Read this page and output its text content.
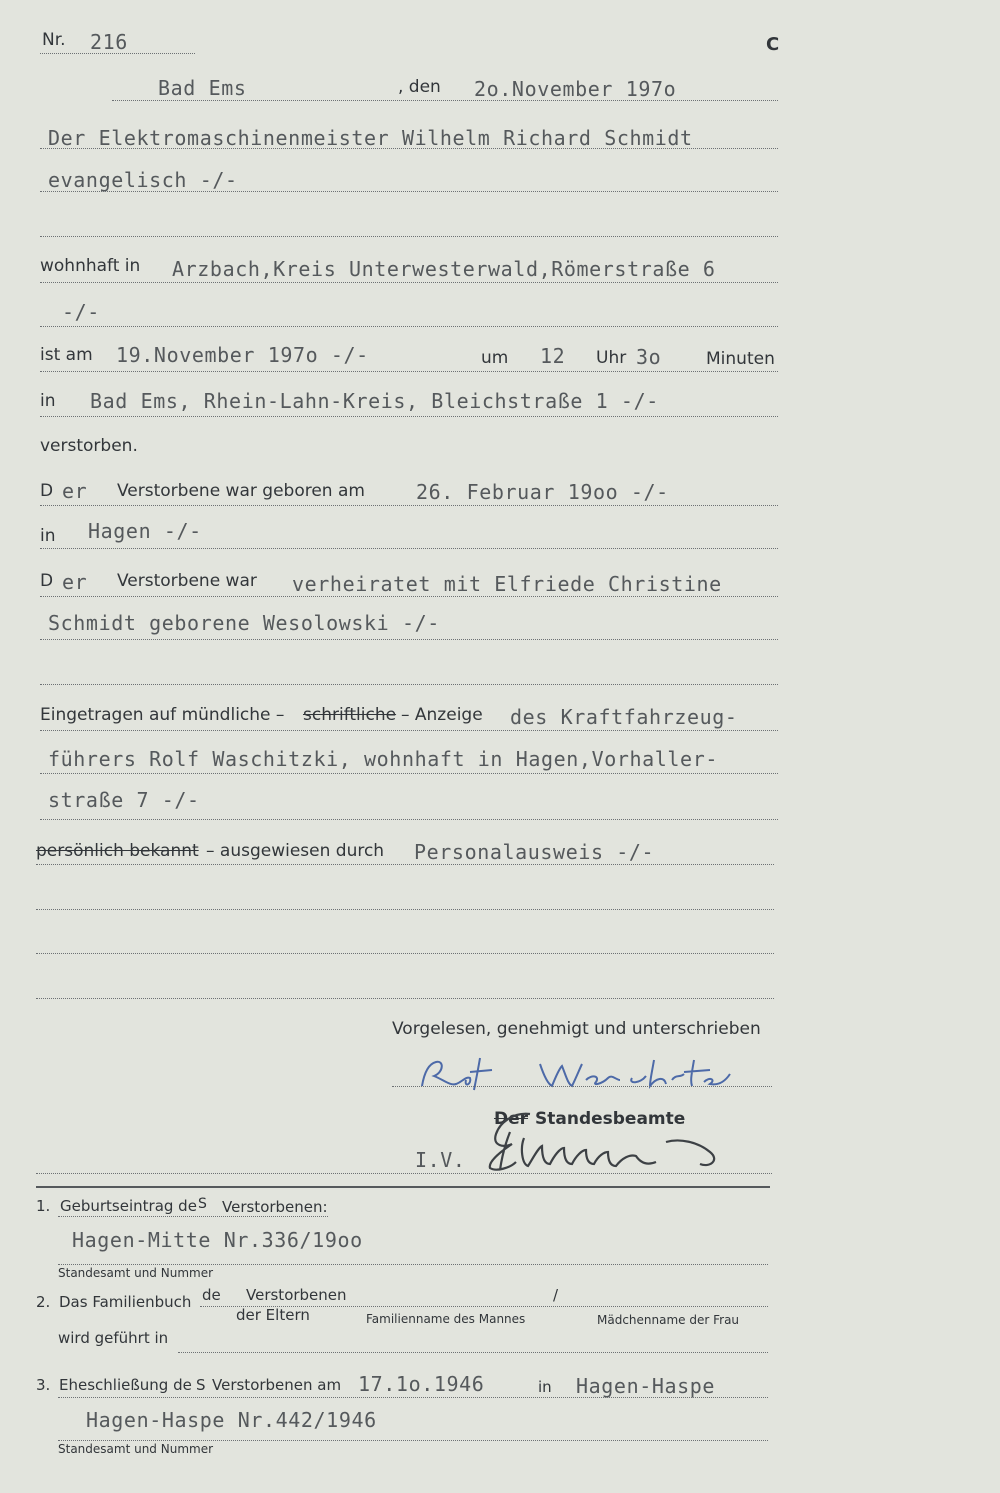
Nr. 216	C
Bad Ems	, den 2o.November 197o
Der Elektromaschinenmeister Wilhelm Richard Schmidt
evangelisch -/-
wohnhaft in Arzbach,Kreis Unterwesterwald,Römerstraße 6
-/-
ist am 19.November 197o -/-	um 12 Uhr 3o	Minuten
in Bad Ems, Rhein-Lahn-Kreis, Bleichstraße 1 -/-
verstorben.
D er Verstorbene war geboren am	26. Februar 19oo -/-
in Hagen -/-
D er Verstorbene war verheiratet mit Elfriede Christine
Schmidt geborene Wesolowski -/-
Eingetragen auf mündliche – schriftliche – Anzeige des Kraftfahrzeug-
führers Rolf Waschitzki, wohnhaft in Hagen,Vorhaller-
straße 7 -/-
persönlich bekannt – ausgewiesen durch Personalausweis -/-
Vorgelesen, genehmigt und unterschrieben
Der Standesbeamte
I.V.
1. Geburtseintrag de S Verstorbenen:
Hagen-Mitte Nr.336/19oo
Standesamt und Nummer
2. Das Familienbuch de Verstorbenen
der Eltern
/
Familienname des Mannes	Mädchenname der Frau
wird geführt in
3. Eheschließung de S Verstorbenen am 17.1o.1946	in Hagen-Haspe
Hagen-Haspe Nr.442/1946
Standesamt und Nummer
